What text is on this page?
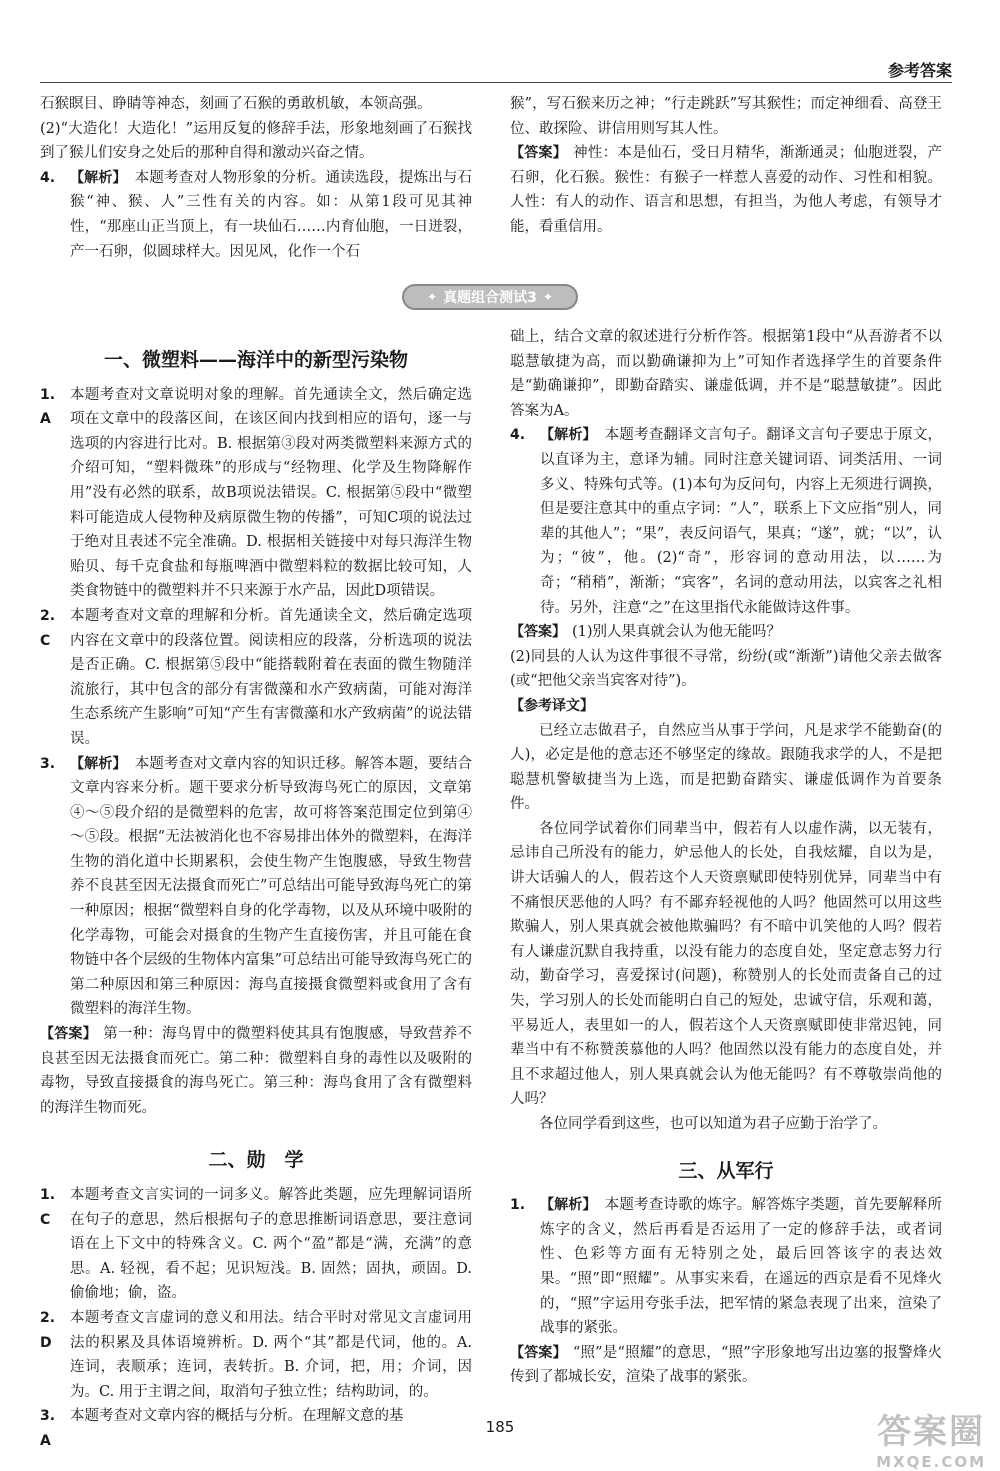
参考答案

石猴瞑目、睁睛等神态，刻画了石猴的勇敢机敏，本领高强。

(2)“大造化！大造化！”运用反复的修辞手法，形象地刻画了石猴找到了猴儿们安身之处后的那种自得和激动兴奋之情。

4.	【解析】 本题考查对人物形象的分析。通读选段，提炼出与石猴“神、猴、人”三性有关的内容。如：从第1段可见其神性，“那座山正当顶上，有一块仙石……内育仙胞，一日迸裂，产一石卵，似圆球样大。因见风，化作一个石

猴”，写石猴来历之神；“行走跳跃”写其猴性；而定神细看、高登王位、敢探险、讲信用则写其人性。

【答案】 神性：本是仙石，受日月精华，渐渐通灵；仙胞迸裂，产石卵，化石猴。猴性：有猴子一样惹人喜爱的动作、习性和相貌。人性：有人的动作、语言和思想，有担当，为他人考虑，有领导才能，看重信用。

✦ 真题组合测试3 ✦
一、微塑料——海洋中的新型污染物
1. A
本题考查对文章说明对象的理解。首先通读全文，然后确定选项在文章中的段落区间，在该区间内找到相应的语句，逐一与选项的内容进行比对。B. 根据第③段对两类微塑料来源方式的介绍可知，“塑料微珠”的形成与“经物理、化学及生物降解作用”没有必然的联系，故B项说法错误。C. 根据第⑤段中“微塑料可能造成人侵物种及病原微生物的传播”，可知C项的说法过于绝对且表述不完全准确。D. 根据相关链接中对每只海洋生物贻贝、每千克食盐和每瓶啤酒中微塑料粒的数据比较可知，人类食物链中的微塑料并不只来源于水产品，因此D项错误。
2. C
本题考查对文章的理解和分析。首先通读全文，然后确定选项内容在文章中的段落位置。阅读相应的段落，分析选项的说法是否正确。C. 根据第⑤段中“能搭载附着在表面的微生物随洋流旅行，其中包含的部分有害微藻和水产致病菌，可能对海洋生态系统产生影响”可知“产生有害微藻和水产致病菌”的说法错误。
3.	【解析】 本题考查对文章内容的知识迁移。解答本题，要结合文章内容来分析。题干要求分析导致海鸟死亡的原因，文章第④～⑤段介绍的是微塑料的危害，故可将答案范围定位到第④～⑤段。根据“无法被消化也不容易排出体外的微塑料，在海洋生物的消化道中长期累积，会使生物产生饱腹感，导致生物营养不良甚至因无法摄食而死亡”可总结出可能导致海鸟死亡的第一种原因；根据“微塑料自身的化学毒物，以及从环境中吸附的化学毒物，可能会对摄食的生物产生直接伤害，并且可能在食物链中各个层级的生物体内富集”可总结出可能导致海鸟死亡的第二种原因和第三种原因：海鸟直接摄食微塑料或食用了含有微塑料的海洋生物。

【答案】 第一种：海鸟胃中的微塑料使其具有饱腹感，导致营养不良甚至因无法摄食而死亡。第二种：微塑料自身的毒性以及吸附的毒物，导致直接摄食的海鸟死亡。第三种：海鸟食用了含有微塑料的海洋生物而死。

二、勋　学
1. C
本题考查文言实词的一词多义。解答此类题，应先理解词语所在句子的意思，然后根据句子的意思推断词语意思，要注意词语在上下文中的特殊含义。C. 两个“盈”都是“满，充满”的意思。A. 轻视，看不起；见识短浅。B. 固然；固执，顽固。D. 偷偷地；偷，盗。
2. D
本题考查文言虚词的意义和用法。结合平时对常见文言虚词用法的积累及具体语境辨析。D. 两个“其”都是代词，他的。A. 连词，表顺承；连词，表转折。B. 介词，把，用；介词，因为。C. 用于主谓之间，取消句子独立性；结构助词，的。
3. A
本题考查对文章内容的概括与分析。在理解文意的基

础上，结合文章的叙述进行分析作答。根据第1段中“从吾游者不以聪慧敏捷为高，而以勤确谦抑为上”可知作者选择学生的首要条件是“勤确谦抑”，即勤奋踏实、谦虚低调，并不是“聪慧敏捷”。因此答案为A。

4.	【解析】 本题考查翻译文言句子。翻译文言句子要忠于原文，以直译为主，意译为辅。同时注意关键词语、词类活用、一词多义、特殊句式等。(1)本句为反问句，内容上无须进行调换，但是要注意其中的重点字词：“人”，联系上下文应指“别人，同辈的其他人”；“果”，表反问语气，果真；“遂”，就；“以”，认为；“彼”，他。(2)“奇”，形容词的意动用法，以……为奇；“稍稍”，渐渐；“宾客”，名词的意动用法，以宾客之礼相待。另外，注意“之”在这里指代永能做诗这件事。

【答案】 (1)别人果真就会认为他无能吗？

(2)同县的人认为这件事很不寻常，纷纷(或“渐渐”)请他父亲去做客(或“把他父亲当宾客对待”)。

【参考译文】

已经立志做君子，自然应当从事于学问，凡是求学不能勤奋(的人)，必定是他的意志还不够坚定的缘故。跟随我求学的人，不是把聪慧机警敏捷当为上选，而是把勤奋踏实、谦虚低调作为首要条件。

各位同学试着你们同辈当中，假若有人以虚作满，以无装有，忌讳自己所没有的能力，妒忌他人的长处，自我炫耀，自以为是，讲大话骗人的人，假若这个人天资禀赋即使特别优异，同辈当中有不痛恨厌恶他的人吗？有不鄙弃轻视他的人吗？他固然可以用这些欺骗人，别人果真就会被他欺骗吗？有不暗中讥笑他的人吗？假若有人谦虚沉默自我持重，以没有能力的态度自处，坚定意志努力行动，勤奋学习，喜爱探讨(问题)，称赞别人的长处而责备自己的过失，学习别人的长处而能明白自己的短处，忠诚守信，乐观和蔼，平易近人，表里如一的人，假若这个人天资禀赋即使非常迟钝，同辈当中有不称赞羡慕他的人吗？他固然以没有能力的态度自处，并且不求超过他人，别人果真就会认为他无能吗？有不尊敬崇尚他的人吗？

各位同学看到这些，也可以知道为君子应勤于治学了。

三、从军行
1.	【解析】 本题考查诗歌的炼字。解答炼字类题，首先要解释所炼字的含义，然后再看是否运用了一定的修辞手法，或者词性、色彩等方面有无特别之处，最后回答该字的表达效果。“照”即“照耀”。从事实来看，在遥远的西京是看不见烽火的，“照”字运用夸张手法，把军情的紧急表现了出来，渲染了战事的紧张。

【答案】 “照”是“照耀”的意思，“照”字形象地写出边塞的报警烽火传到了都城长安，渲染了战事的紧张。

185	答案圈
MXQE.COM
